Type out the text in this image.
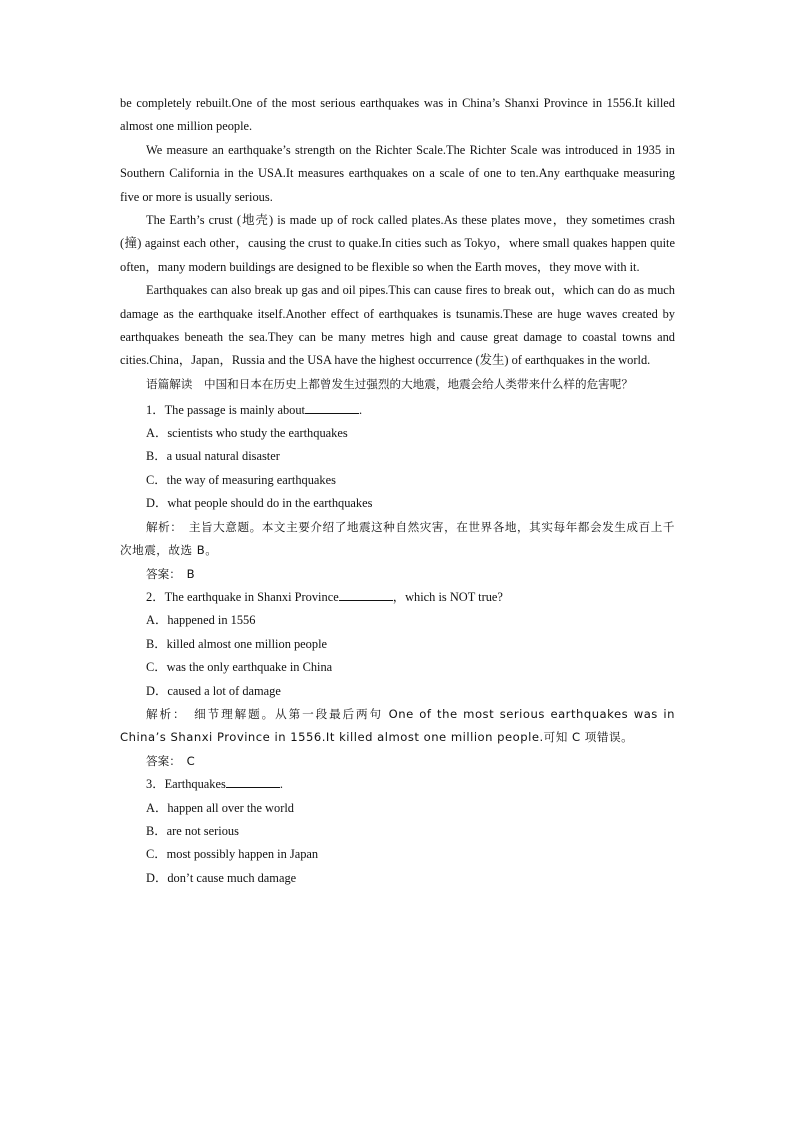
be completely rebuilt.One of the most serious earthquakes was in China’s Shanxi Province in 1556.It killed almost one million people.

We measure an earthquake’s strength on the Richter Scale.The Richter Scale was introduced in 1935 in Southern California in the USA.It measures earthquakes on a scale of one to ten.Any earthquake measuring five or more is usually serious.

The Earth’s crust (地壳) is made up of rock called plates.As these plates move，they sometimes crash (撞) against each other，causing the crust to quake.In cities such as Tokyo，where small quakes happen quite often，many modern buildings are designed to be flexible so when the Earth moves，they move with it.

Earthquakes can also break up gas and oil pipes.This can cause fires to break out，which can do as much damage as the earthquake itself.Another effect of earthquakes is tsunamis.These are huge waves created by earthquakes beneath the sea.They can be many metres high and cause great damage to coastal towns and cities.China，Japan，Russia and the USA have the highest occurrence (发生) of earthquakes in the world.

语篇解读　中国和日本在历史上都曾发生过强烈的大地震，地震会给人类带来什么样的危害呢？

1．The passage is mainly about	.

A．scientists who study the earthquakes

B．a usual natural disaster

C．the way of measuring earthquakes

D．what people should do in the earthquakes

解析：　主旨大意题。本文主要介绍了地震这种自然灾害，在世界各地，其实每年都会发生成百上千次地震，故选 B。

答案：　B

2．The earthquake in Shanxi Province	，which is NOT true?

A．happened in 1556

B．killed almost one million people

C．was the only earthquake in China

D．caused a lot of damage

解析：　细节理解题。从第一段最后两句 One of the most serious earthquakes was in China’s Shanxi Province in 1556.It killed almost one million people.可知 C 项错误。

答案：　C

3．Earthquakes	.

A．happen all over the world

B．are not serious

C．most possibly happen in Japan

D．don’t cause much damage
